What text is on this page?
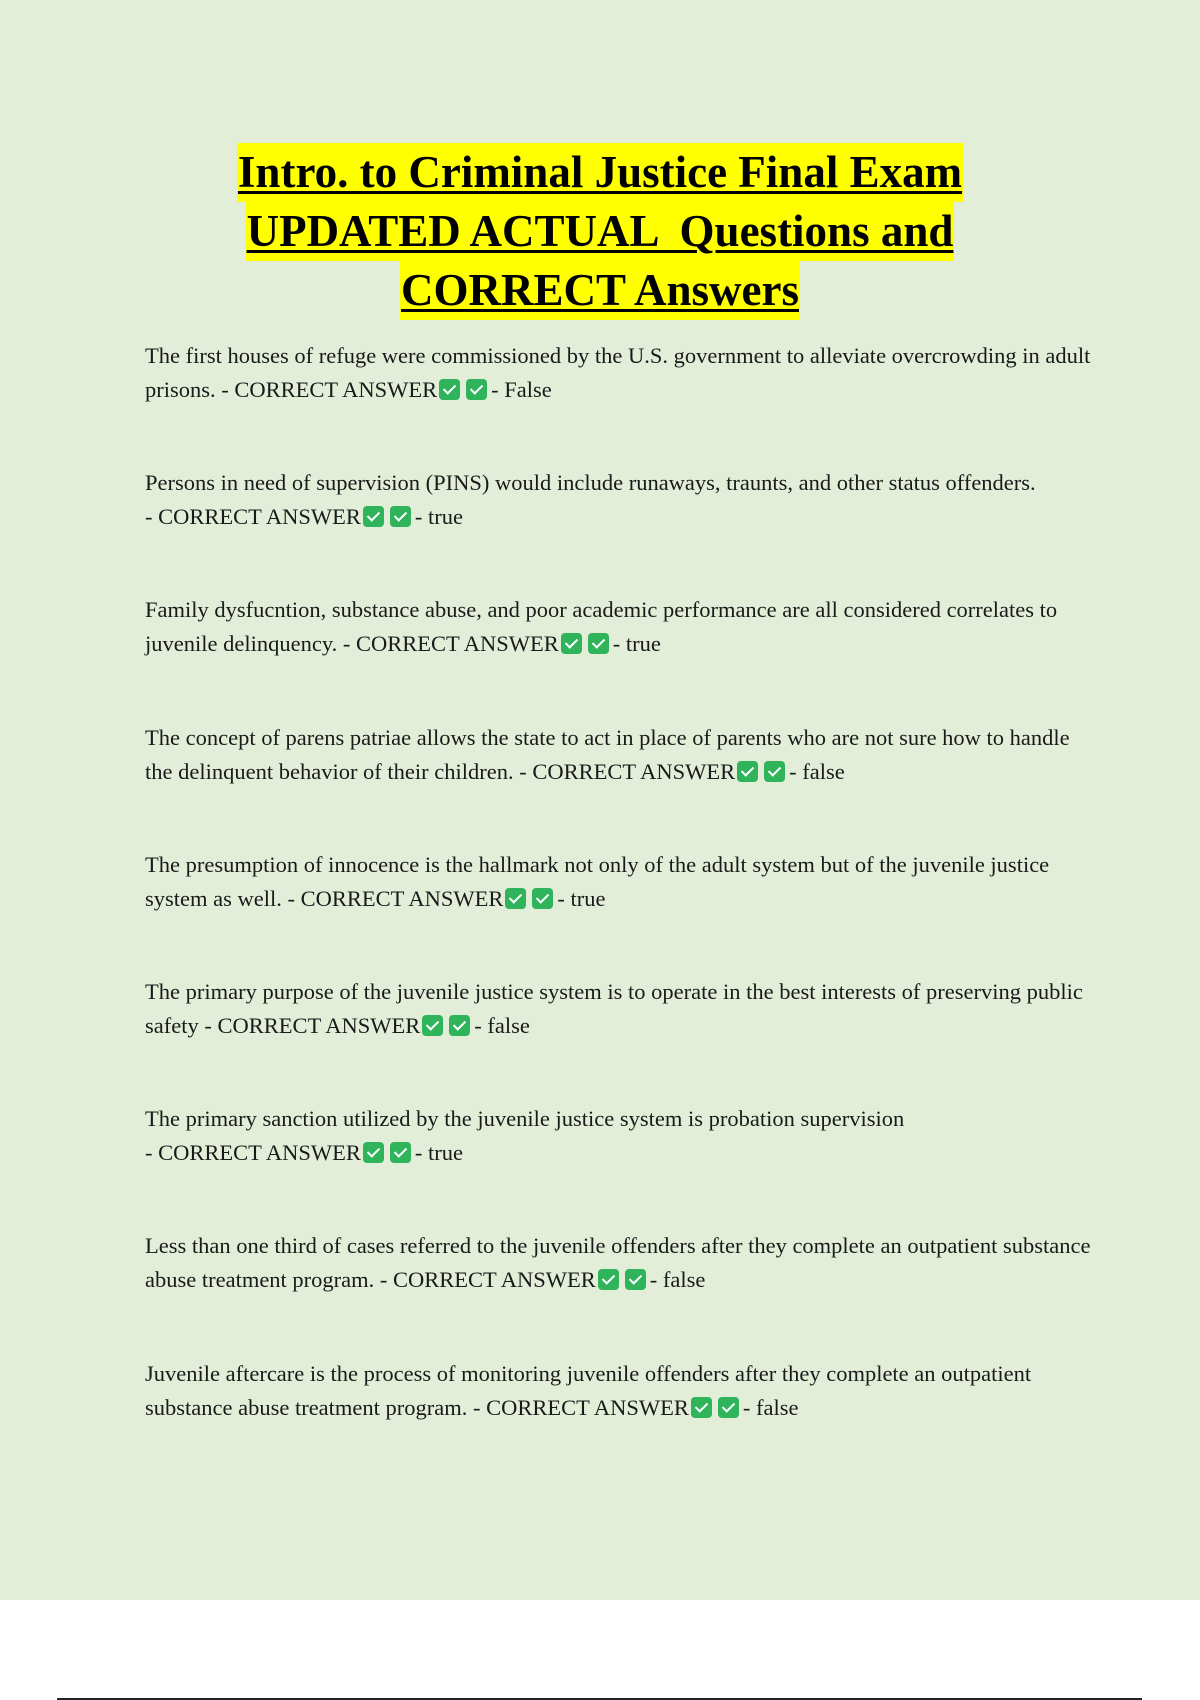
Intro. to Criminal Justice Final Exam
UPDATED ACTUAL  Questions and
CORRECT Answers
The first houses of refuge were commissioned by the U.S. government to alleviate overcrowding in adult prisons. - CORRECT ANSWER - False
Persons in need of supervision (PINS) would include runaways, traunts, and other status offenders. - CORRECT ANSWER - true
Family dysfucntion, substance abuse, and poor academic performance are all considered correlates to juvenile delinquency. - CORRECT ANSWER - true
The concept of parens patriae allows the state to act in place of parents who are not sure how to handle the delinquent behavior of their children. - CORRECT ANSWER - false
The presumption of innocence is the hallmark not only of the adult system but of the juvenile justice system as well. - CORRECT ANSWER - true
The primary purpose of the juvenile justice system is to operate in the best interests of preserving public safety - CORRECT ANSWER - false
The primary sanction utilized by the juvenile justice system is probation supervision - CORRECT ANSWER - true
Less than one third of cases referred to the juvenile offenders after they complete an outpatient substance abuse treatment program. - CORRECT ANSWER - false
Juvenile aftercare is the process of monitoring juvenile offenders after they complete an outpatient substance abuse treatment program. - CORRECT ANSWER - false
